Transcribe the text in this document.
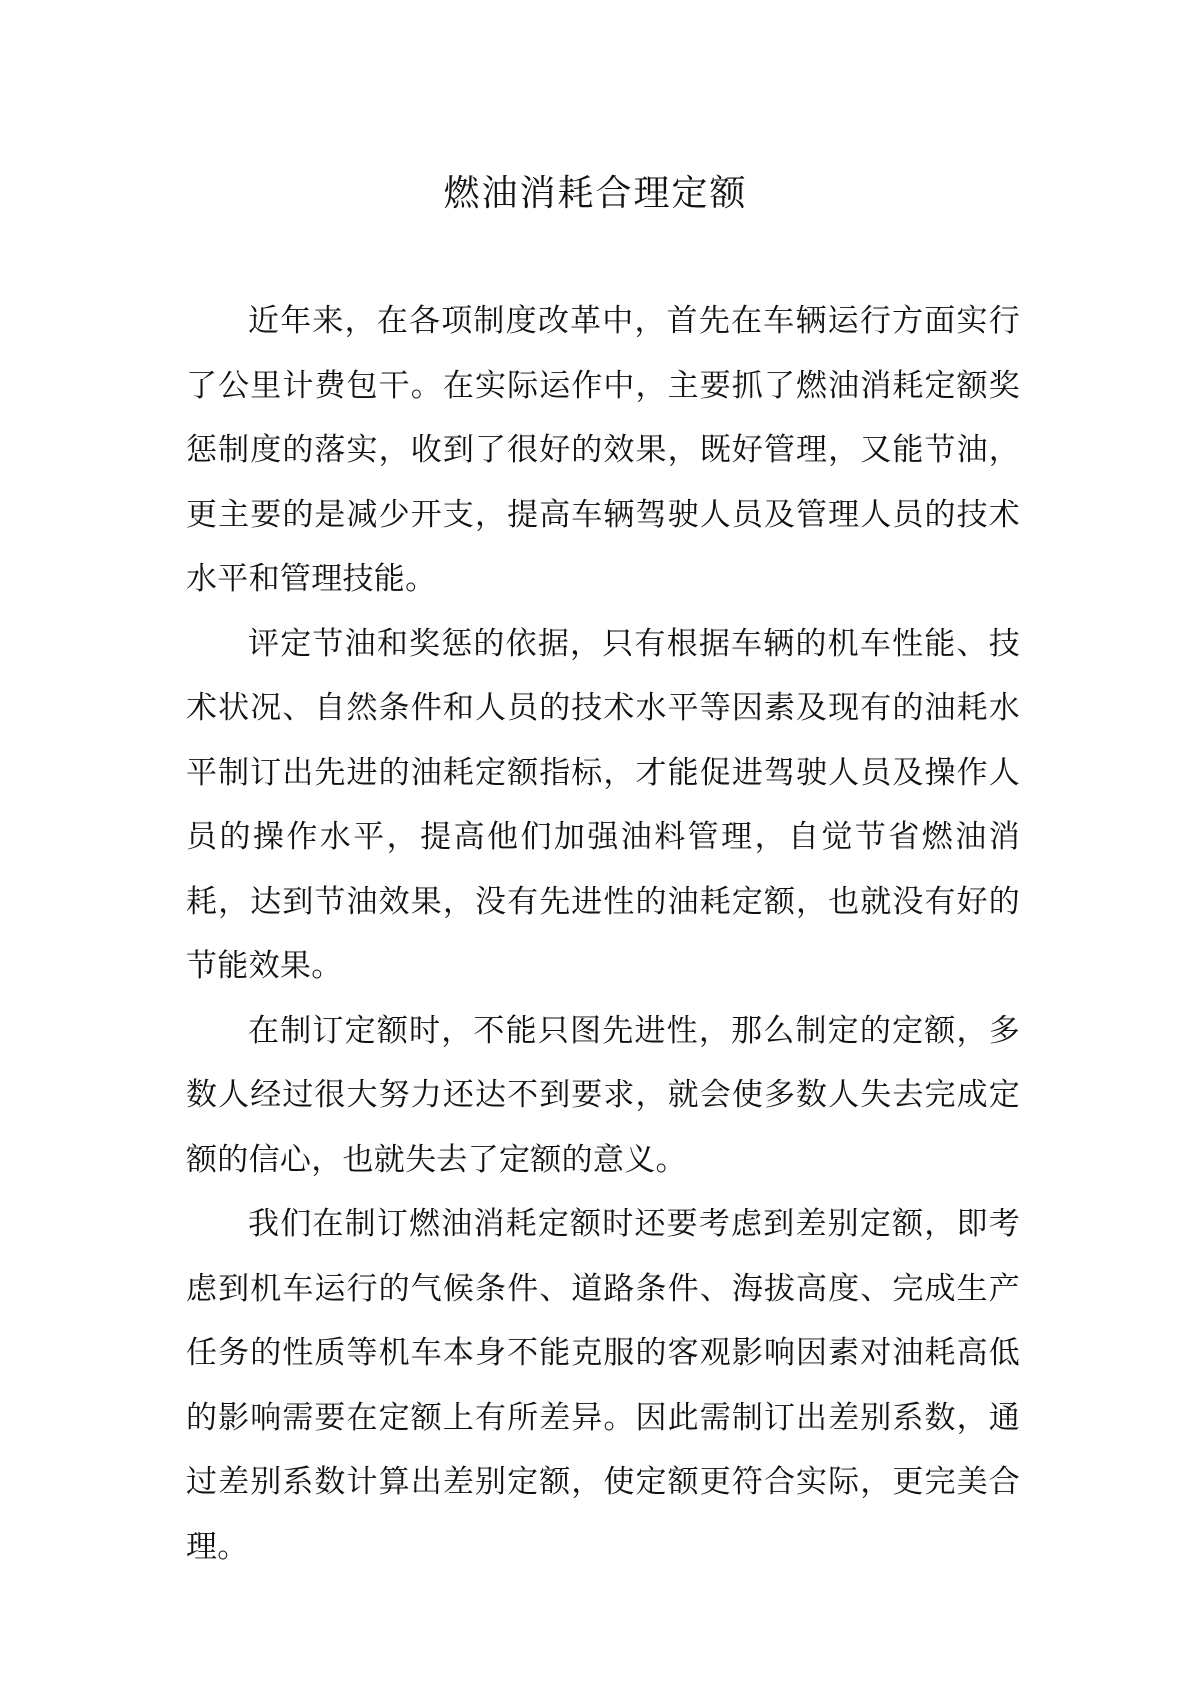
燃油消耗合理定额

近年来，在各项制度改革中，首先在车辆运行方面实行了公里计费包干。在实际运作中，主要抓了燃油消耗定额奖惩制度的落实，收到了很好的效果，既好管理，又能节油，更主要的是减少开支，提高车辆驾驶人员及管理人员的技术水平和管理技能。

评定节油和奖惩的依据，只有根据车辆的机车性能、技术状况、自然条件和人员的技术水平等因素及现有的油耗水平制订出先进的油耗定额指标，才能促进驾驶人员及操作人员的操作水平，提高他们加强油料管理，自觉节省燃油消耗，达到节油效果，没有先进性的油耗定额，也就没有好的节能效果。

在制订定额时，不能只图先进性，那么制定的定额，多数人经过很大努力还达不到要求，就会使多数人失去完成定额的信心，也就失去了定额的意义。

我们在制订燃油消耗定额时还要考虑到差别定额，即考虑到机车运行的气候条件、道路条件、海拔高度、完成生产任务的性质等机车本身不能克服的客观影响因素对油耗高低的影响需要在定额上有所差异。因此需制订出差别系数，通过差别系数计算出差别定额，使定额更符合实际，更完美合理。
